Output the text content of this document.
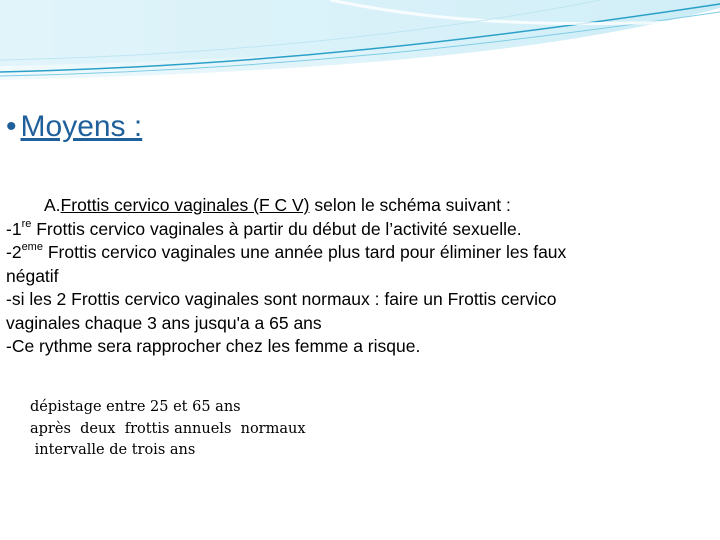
• Moyens :
A.Frottis cervico vaginales (F C V) selon le schéma suivant :
-1re Frottis cervico vaginales à partir du début de l’activité sexuelle.
-2eme Frottis cervico vaginales une année plus tard pour éliminer les faux
négatif
-si les 2 Frottis cervico vaginales sont normaux : faire un Frottis cervico
vaginales chaque 3 ans jusqu'a a 65 ans
-Ce rythme sera rapprocher chez les femme a risque.
dépistage entre 25 et 65 ans
après  deux  frottis annuels  normaux
intervalle de trois ans
